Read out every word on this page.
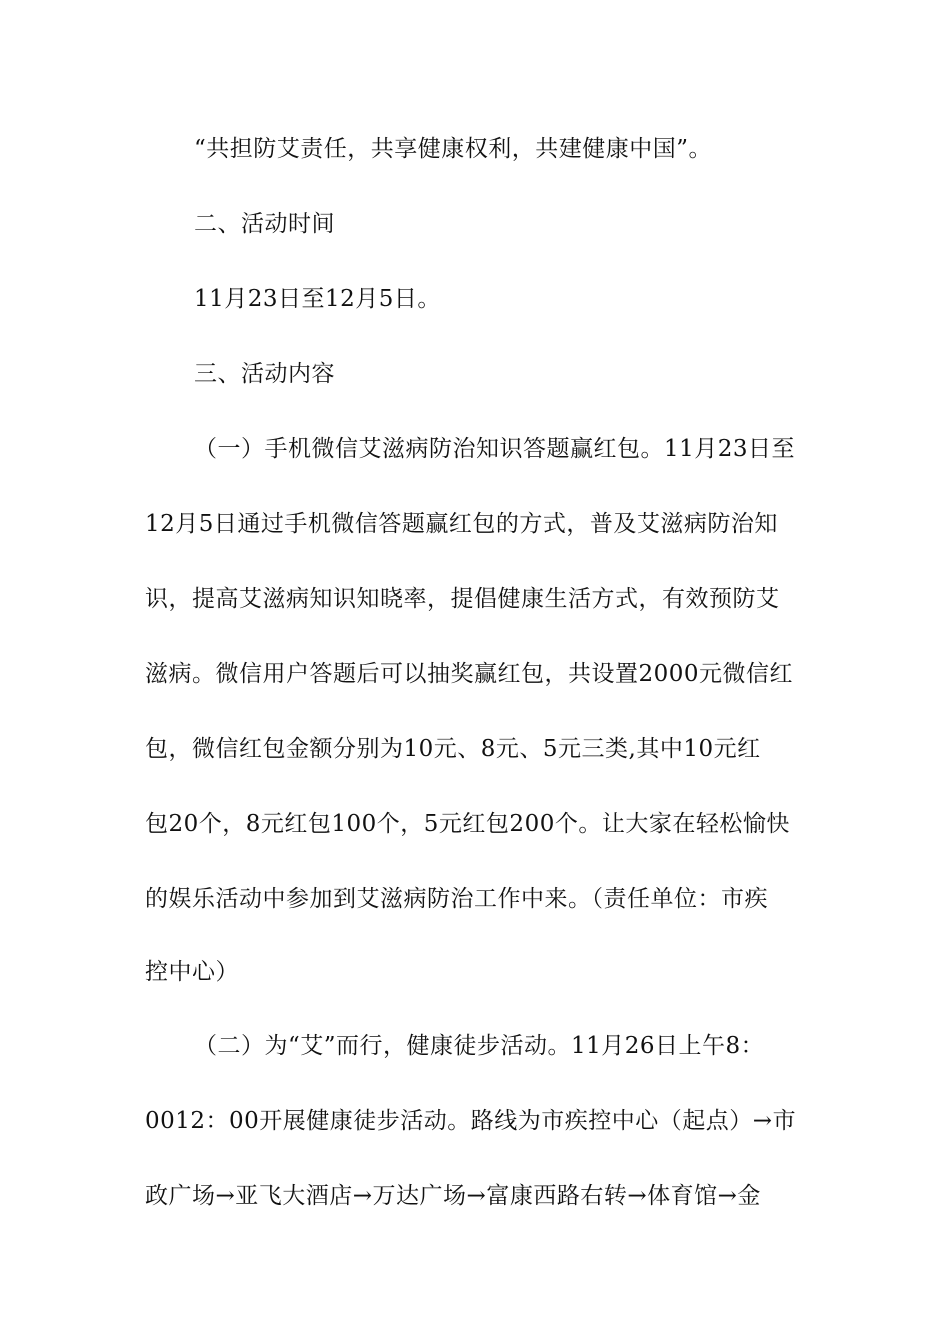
“共担防艾责任，共享健康权利，共建健康中国”。
二、活动时间
11月23日至12月5日。
三、活动内容
（一）手机微信艾滋病防治知识答题赢红包。11月23日至
12月5日通过手机微信答题赢红包的方式，普及艾滋病防治知
识，提高艾滋病知识知晓率，提倡健康生活方式，有效预防艾
滋病。微信用户答题后可以抽奖赢红包，共设置2000元微信红
包，微信红包金额分别为10元、8元、5元三类,其中10元红
包20个，8元红包100个，5元红包200个。让大家在轻松愉快
的娱乐活动中参加到艾滋病防治工作中来。（责任单位：市疾
控中心）
（二）为“艾”而行，健康徒步活动。11月26日上午8：
0012：00开展健康徒步活动。路线为市疾控中心（起点）→市
政广场→亚飞大酒店→万达广场→富康西路右转→体育馆→金
